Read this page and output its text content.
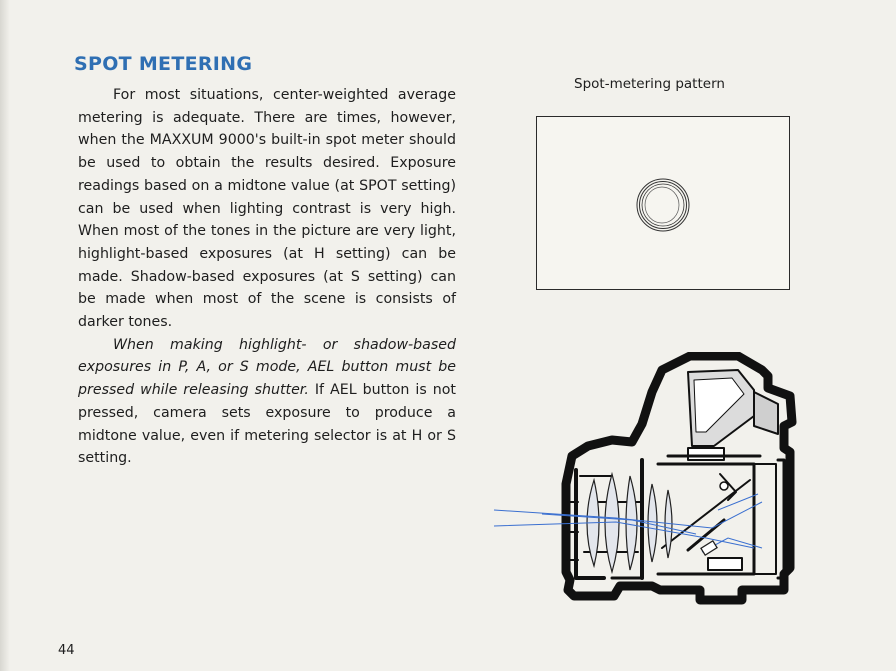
SPOT METERING

For most situations, center-weighted average metering is adequate. There are times, however, when the MAXXUM 9000's built-in spot meter should be used to obtain the results desired. Exposure readings based on a midtone value (at SPOT setting) can be used when lighting contrast is very high. When most of the tones in the picture are very light, highlight-based exposures (at H setting) can be made. Shadow-based exposures (at S setting) can be made when most of the scene is consists of darker tones.

When making highlight- or shadow-based exposures in P, A, or S mode, AEL button must be pressed while releasing shutter. If AEL button is not pressed, camera sets exposure to produce a midtone value, even if metering selector is at H or S setting.

Spot-metering pattern

44
